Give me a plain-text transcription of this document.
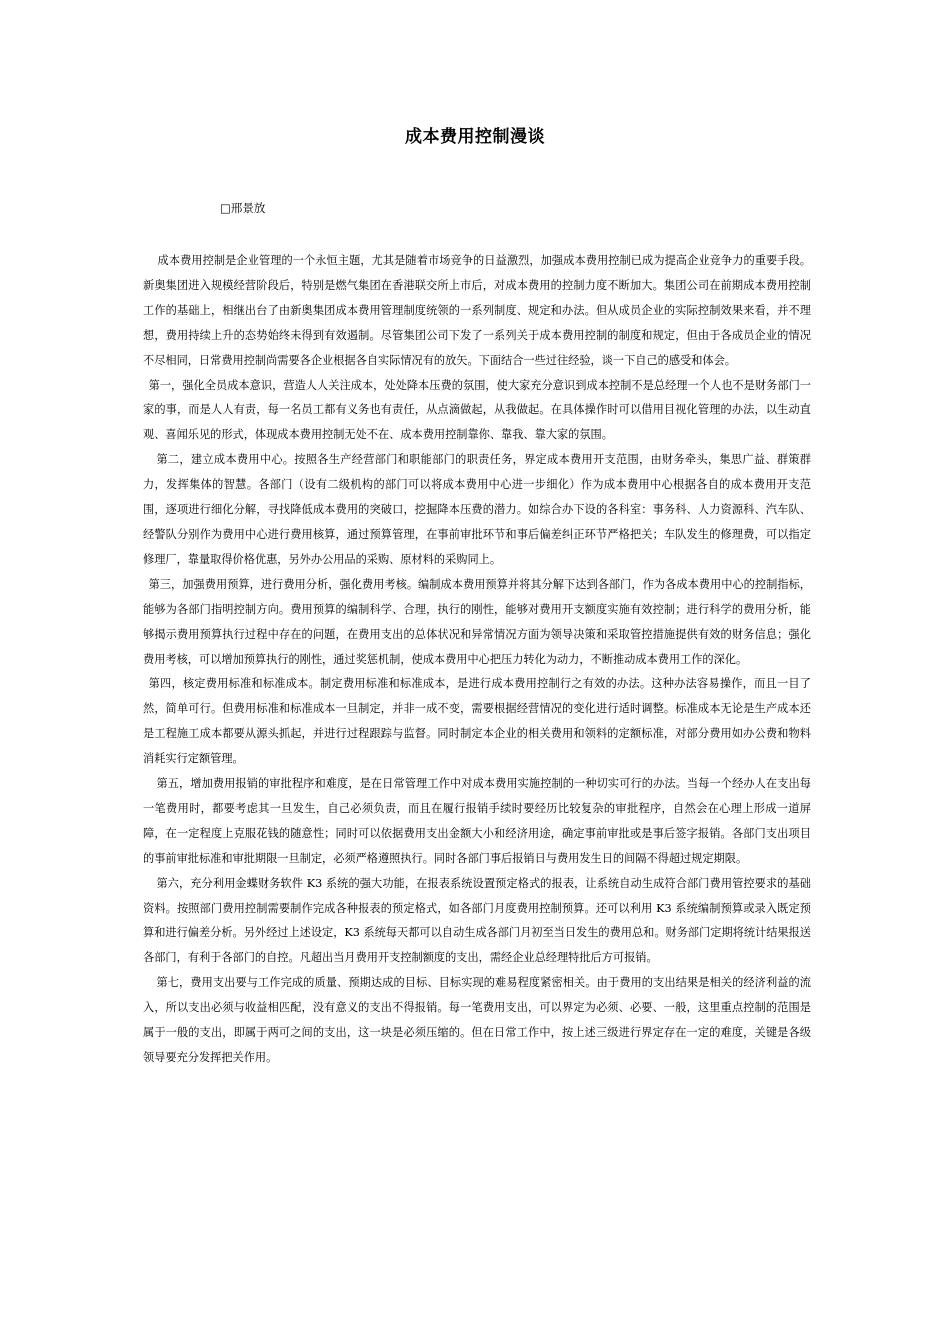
成本费用控制漫谈
□邢景放

成本费用控制是企业管理的一个永恒主题，尤其是随着市场竞争的日益激烈，加强成本费用控制已成为提高企业竞争力的重要手段。新奥集团进入规模经营阶段后，特别是燃气集团在香港联交所上市后，对成本费用的控制力度不断加大。集团公司在前期成本费用控制工作的基础上，相继出台了由新奥集团成本费用管理制度统领的一系列制度、规定和办法。但从成员企业的实际控制效果来看，并不理想，费用持续上升的态势始终未得到有效遏制。尽管集团公司下发了一系列关于成本费用控制的制度和规定，但由于各成员企业的情况不尽相同，日常费用控制尚需要各企业根据各自实际情况有的放矢。下面结合一些过往经验，谈一下自己的感受和体会。

第一，强化全员成本意识，营造人人关注成本，处处降本压费的氛围，使大家充分意识到成本控制不是总经理一个人也不是财务部门一家的事，而是人人有责，每一名员工都有义务也有责任，从点滴做起，从我做起。在具体操作时可以借用目视化管理的办法，以生动直观、喜闻乐见的形式，体现成本费用控制无处不在、成本费用控制靠你、靠我、靠大家的氛围。

第二，建立成本费用中心。按照各生产经营部门和职能部门的职责任务，界定成本费用开支范围，由财务牵头，集思广益、群策群力，发挥集体的智慧。各部门（设有二级机构的部门可以将成本费用中心进一步细化）作为成本费用中心根据各自的成本费用开支范围，逐项进行细化分解，寻找降低成本费用的突破口，挖掘降本压费的潜力。如综合办下设的各科室：事务科、人力资源科、汽车队、经警队分别作为费用中心进行费用核算，通过预算管理，在事前审批环节和事后偏差纠正环节严格把关；车队发生的修理费，可以指定修理厂，靠量取得价格优惠，另外办公用品的采购、原材料的采购同上。

第三，加强费用预算，进行费用分析，强化费用考核。编制成本费用预算并将其分解下达到各部门，作为各成本费用中心的控制指标，能够为各部门指明控制方向。费用预算的编制科学、合理，执行的刚性，能够对费用开支额度实施有效控制；进行科学的费用分析，能够揭示费用预算执行过程中存在的问题，在费用支出的总体状况和异常情况方面为领导决策和采取管控措施提供有效的财务信息；强化费用考核，可以增加预算执行的刚性，通过奖惩机制，使成本费用中心把压力转化为动力，不断推动成本费用工作的深化。

第四，核定费用标准和标准成本。制定费用标准和标准成本，是进行成本费用控制行之有效的办法。这种办法容易操作，而且一目了然，简单可行。但费用标准和标准成本一旦制定，并非一成不变，需要根据经营情况的变化进行适时调整。标准成本无论是生产成本还是工程施工成本都要从源头抓起，并进行过程跟踪与监督。同时制定本企业的相关费用和领料的定额标准，对部分费用如办公费和物料消耗实行定额管理。

第五，增加费用报销的审批程序和难度，是在日常管理工作中对成本费用实施控制的一种切实可行的办法。当每一个经办人在支出每一笔费用时，都要考虑其一旦发生，自己必须负责，而且在履行报销手续时要经历比较复杂的审批程序，自然会在心理上形成一道屏障，在一定程度上克服花钱的随意性；同时可以依据费用支出金额大小和经济用途，确定事前审批或是事后签字报销。各部门支出项目的事前审批标准和审批期限一旦制定，必须严格遵照执行。同时各部门事后报销日与费用发生日的间隔不得超过规定期限。

第六，充分利用金蝶财务软件 K3 系统的强大功能，在报表系统设置预定格式的报表，让系统自动生成符合部门费用管控要求的基础资料。按照部门费用控制需要制作完成各种报表的预定格式，如各部门月度费用控制预算。还可以利用 K3 系统编制预算或录入既定预算和进行偏差分析。另外经过上述设定，K3 系统每天都可以自动生成各部门月初至当日发生的费用总和。财务部门定期将统计结果报送各部门，有利于各部门的自控。凡超出当月费用开支控制额度的支出，需经企业总经理特批后方可报销。

第七，费用支出要与工作完成的质量、预期达成的目标、目标实现的难易程度紧密相关。由于费用的支出结果是相关的经济利益的流入，所以支出必须与收益相匹配，没有意义的支出不得报销。每一笔费用支出，可以界定为必须、必要、一般，这里重点控制的范围是属于一般的支出，即属于两可之间的支出，这一块是必须压缩的。但在日常工作中，按上述三级进行界定存在一定的难度，关键是各级领导要充分发挥把关作用。
